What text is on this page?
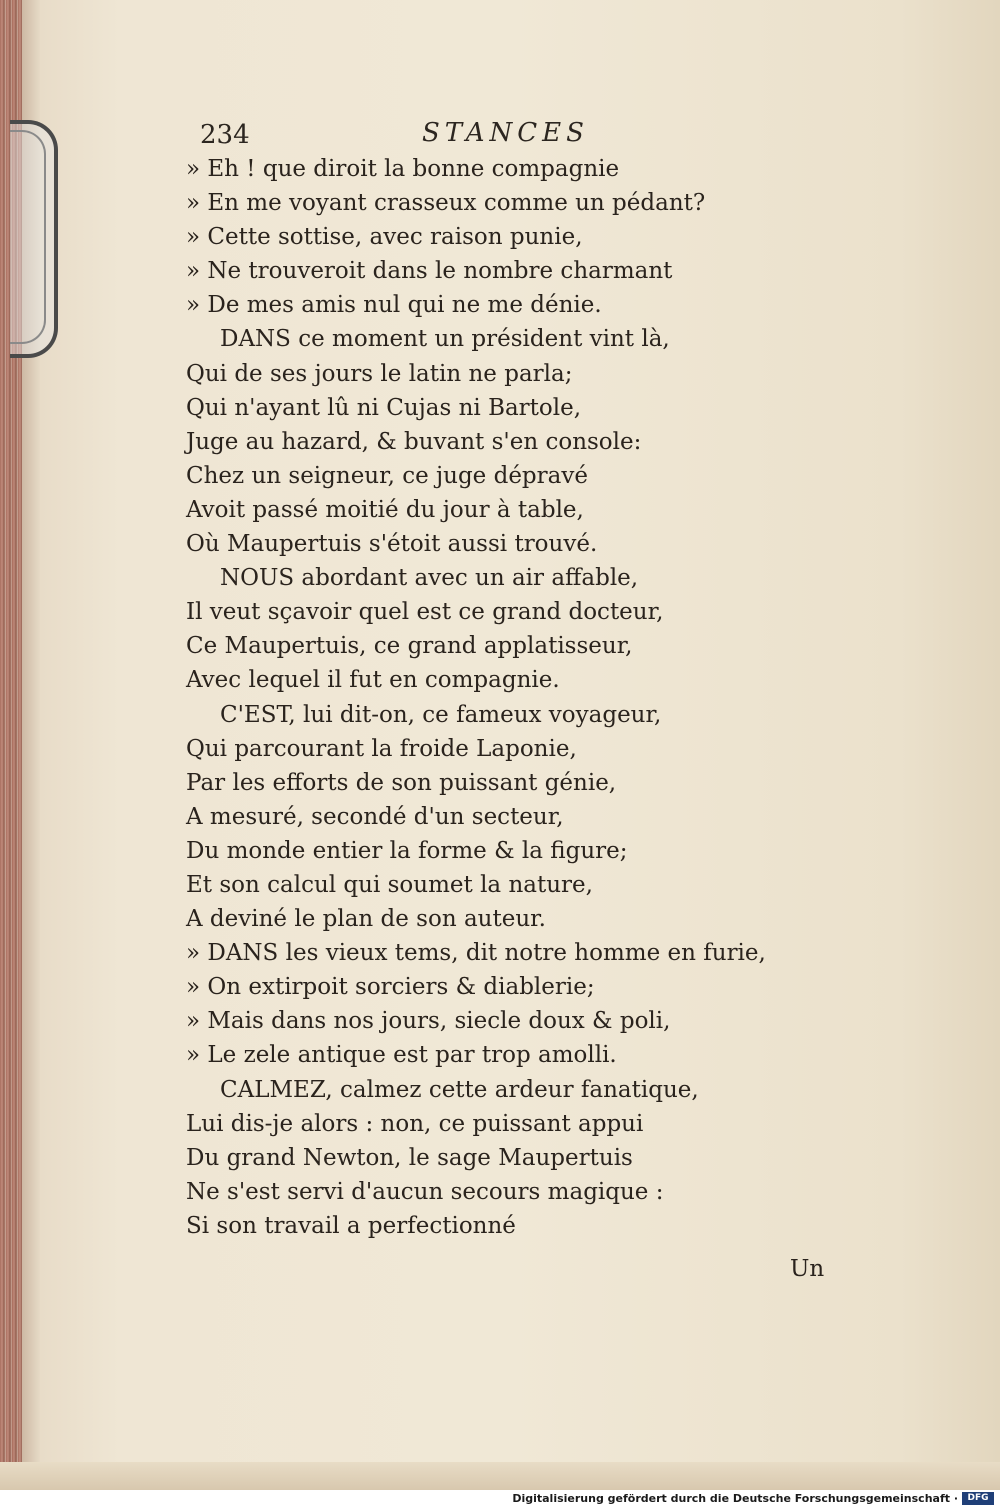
234	STANCES
» Eh ! que diroit la bonne compagnie
» En me voyant crasseux comme un pédant?
» Cette sottise, avec raison punie,
» Ne trouveroit dans le nombre charmant
» De mes amis nul qui ne me dénie.
DANS ce moment un président vint là,
Qui de ses jours le latin ne parla;
Qui n'ayant lû ni Cujas ni Bartole,
Juge au hazard, & buvant s'en console:
Chez un seigneur, ce juge dépravé
Avoit passé moitié du jour à table,
Où Maupertuis s'étoit aussi trouvé.
NOUS abordant avec un air affable,
Il veut sçavoir quel est ce grand docteur,
Ce Maupertuis, ce grand applatisseur,
Avec lequel il fut en compagnie.
C'EST, lui dit-on, ce fameux voyageur,
Qui parcourant la froide Laponie,
Par les efforts de son puissant génie,
A mesuré, secondé d'un secteur,
Du monde entier la forme & la figure;
Et son calcul qui soumet la nature,
A deviné le plan de son auteur.
» DANS les vieux tems, dit notre homme en furie,
» On extirpoit sorciers & diablerie;
» Mais dans nos jours, siecle doux & poli,
» Le zele antique est par trop amolli.
CALMEZ, calmez cette ardeur fanatique,
Lui dis-je alors : non, ce puissant appui
Du grand Newton, le sage Maupertuis
Ne s'est servi d'aucun secours magique :
Si son travail a perfectionné
Un
Digitalisierung gefördert durch die Deutsche Forschungsgemeinschaft ·	DFG
